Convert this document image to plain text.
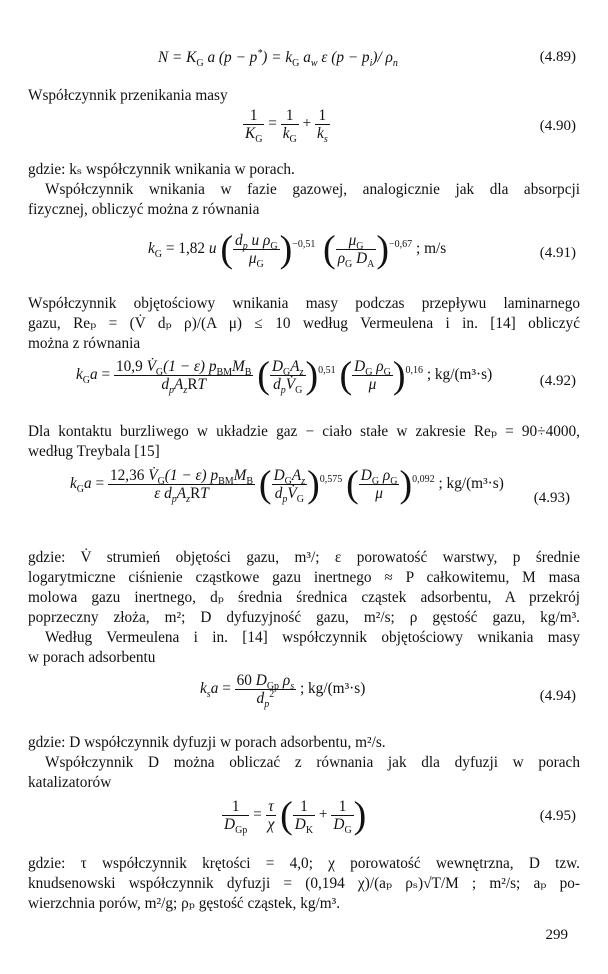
$N = K_G$ a $(p - p^*) = k_G$ $a_w$ ε $(p - p_i)/$ $\rho_n$	(4.89)
Współczynnik przenikania masy
$\frac{1}{K_G} = \frac{1}{k_G} + \frac{1}{k_s}$	(4.90)
gdzie: kₛ współczynnik wnikania w porach.
Współczynnik wnikania w fazie gazowej, analogicznie jak dla absorpcji
fizycznej, obliczyć można z równania
$k_G = 1,82$ u ( $\frac{d_p u \rho_G}{\mu_G} )^{-0,51}$ ( $\frac{\mu_G}{\rho_G D_A} )^{-0,67}$ ; m/s	(4.91)
Współczynnik objętościowy wnikania masy podczas przepływu laminarnego
gazu, Reₚ = (V̇ dₚ ρ)/(A μ) ≤ 10 według Vermeulena i in. [14] obliczyć
można z równania
$k_Ga = \frac{10,9 V̇_G(1 - \varepsilon) p_{BM}M_B}{d_pA_zRT}$ ( $\frac{D_GA_z}{d_pV̇_G} )^{0,51}$ ( $\frac{D_G \rho_G}{\mu} )^{0,16}$ ; kg/(m³·s)	(4.92)
Dla kontaktu burzliwego w układzie gaz − ciało stałe w zakresie Reₚ = 90÷4000,
według Treybala [15]
$k_Ga = \frac{12,36 V̇_G(1 - \varepsilon) p_{BM}M_B}{\varepsilon d_pA_zRT}$ ( $\frac{D_GA_z}{d_pV̇_G} )^{0,575}$ ( $\frac{D_G \rho_G}{\mu} )^{0,092}$ ; kg/(m³·s)
(4.93)
gdzie: V̇ strumień objętości gazu, m³/; ε porowatość warstwy, p średnie
logarytmiczne ciśnienie cząstkowe gazu inertnego ≈ P całkowitemu, M masa
molowa gazu inertnego, dₚ średnia średnica cząstek adsorbentu, A przekrój
poprzeczny złoża, m²; D dyfuzyjność gazu, m²/s; ρ gęstość gazu, kg/m³.
Według Vermeulena i in. [14] współczynnik objętościowy wnikania masy
w porach adsorbentu
$k_sa = \frac{60 D_{Gp} \rho_s}{d_p^2}$ ; kg/(m³·s)	(4.94)
gdzie: D współczynnik dyfuzji w porach adsorbentu, m²/s.
Współczynnik D można obliczać z równania jak dla dyfuzji w porach
katalizatorów
$\frac{1}{D_{Gp}} = \frac{\tau}{\chi}$ ( $\frac{1}{D_K} + \frac{1}{D_G}$ )	(4.95)
gdzie: τ współczynnik krętości = 4,0; χ porowatość wewnętrzna, D tzw.
knudsenowski współczynnik dyfuzji = (0,194 χ)/(aₚ ρₛ)√T/M ; m²/s; aₚ po-
wierzchnia porów, m²/g; ρₚ gęstość cząstek, kg/m³.
299
